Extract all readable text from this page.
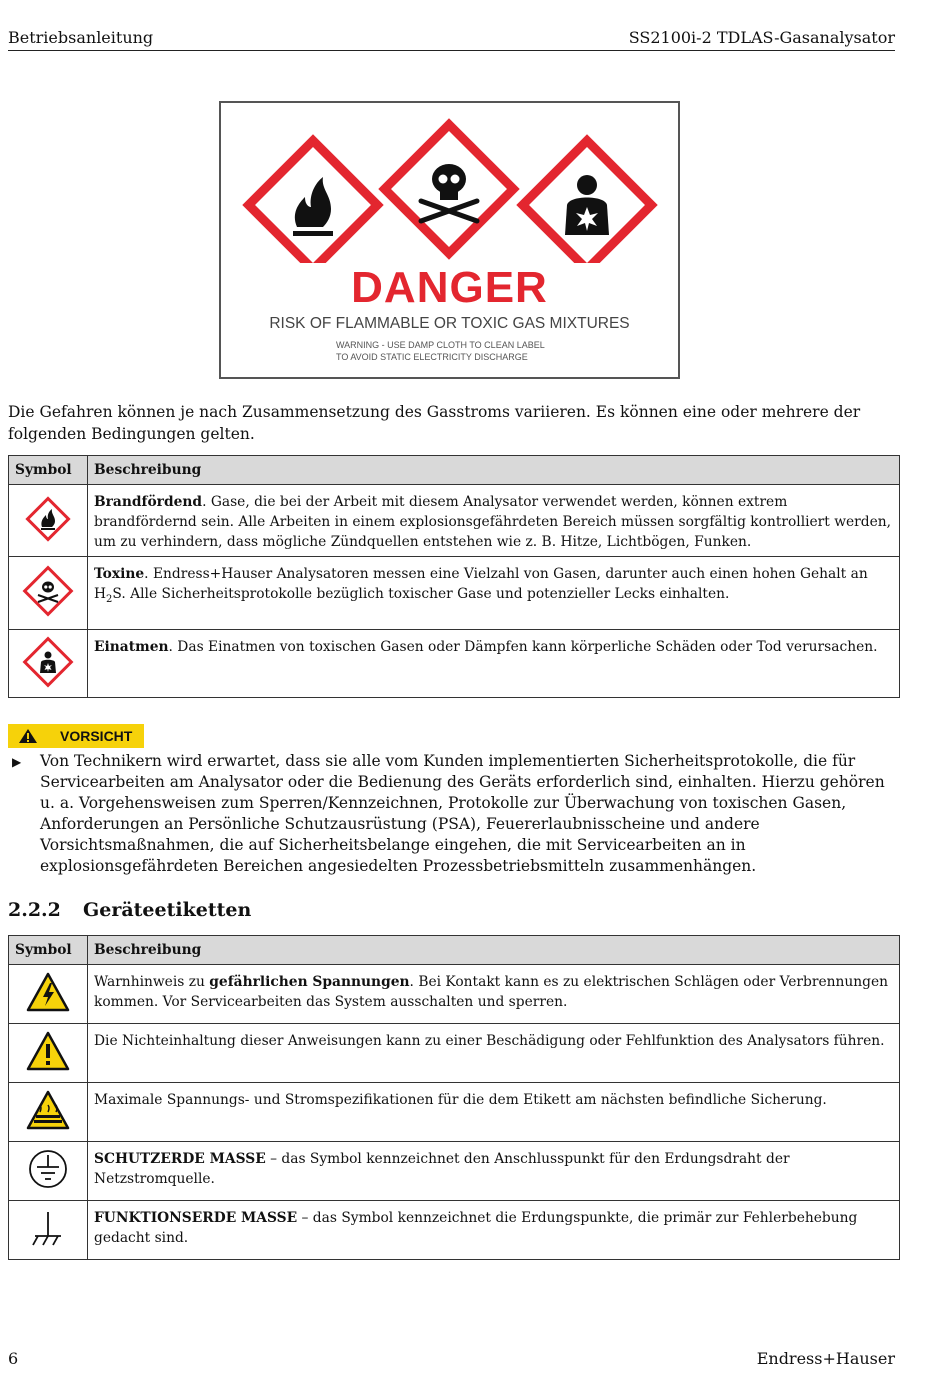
Betriebsanleitung	SS2100i-2 TDLAS-Gasanalysator
DANGER
RISK OF FLAMMABLE OR TOXIC GAS MIXTURES
WARNING - USE DAMP CLOTH TO CLEAN LABEL
TO AVOID STATIC ELECTRICITY DISCHARGE
Die Gefahren können je nach Zusammensetzung des Gasstroms variieren. Es können eine oder mehrere der folgenden Bedingungen gelten.
Symbol	Beschreibung
	Brandfördend. Gase, die bei der Arbeit mit diesem Analysator verwendet werden, können extrem brandfördernd sein. Alle Arbeiten in einem explosionsgefährdeten Bereich müssen sorgfältig kontrolliert werden, um zu verhindern, dass mögliche Zündquellen entstehen wie z. B. Hitze, Lichtbögen, Funken.
	Toxine. Endress+Hauser Analysatoren messen eine Vielzahl von Gasen, darunter auch einen hohen Gehalt an $H_2S$. Alle Sicherheitsprotokolle bezüglich toxischer Gase und potenzieller Lecks einhalten.
	Einatmen. Das Einatmen von toxischen Gasen oder Dämpfen kann körperliche Schäden oder Tod verursachen.
VORSICHT
▶ Von Technikern wird erwartet, dass sie alle vom Kunden implementierten Sicherheitsprotokolle, die für Servicearbeiten am Analysator oder die Bedienung des Geräts erforderlich sind, einhalten. Hierzu gehören u. a. Vorgehensweisen zum Sperren/Kennzeichnen, Protokolle zur Überwachung von toxischen Gasen, Anforderungen an Persönliche Schutzausrüstung (PSA), Feuererlaubnisscheine und andere Vorsichtsmaßnahmen, die auf Sicherheitsbelange eingehen, die mit Servicearbeiten an in explosionsgefährdeten Bereichen angesiedelten Prozessbetriebsmitteln zusammenhängen.
2.2.2 Geräteetiketten
Symbol	Beschreibung
	Warnhinweis zu gefährlichen Spannungen. Bei Kontakt kann es zu elektrischen Schlägen oder Verbrennungen kommen. Vor Servicearbeiten das System ausschalten und sperren.
	Die Nichteinhaltung dieser Anweisungen kann zu einer Beschädigung oder Fehlfunktion des Analysators führen.
	Maximale Spannungs- und Stromspezifikationen für die dem Etikett am nächsten befindliche Sicherung.
	SCHUTZERDE MASSE – das Symbol kennzeichnet den Anschlusspunkt für den Erdungsdraht der Netzstromquelle.
	FUNKTIONSERDE MASSE – das Symbol kennzeichnet die Erdungspunkte, die primär zur Fehlerbehebung gedacht sind.
6	Endress+Hauser
